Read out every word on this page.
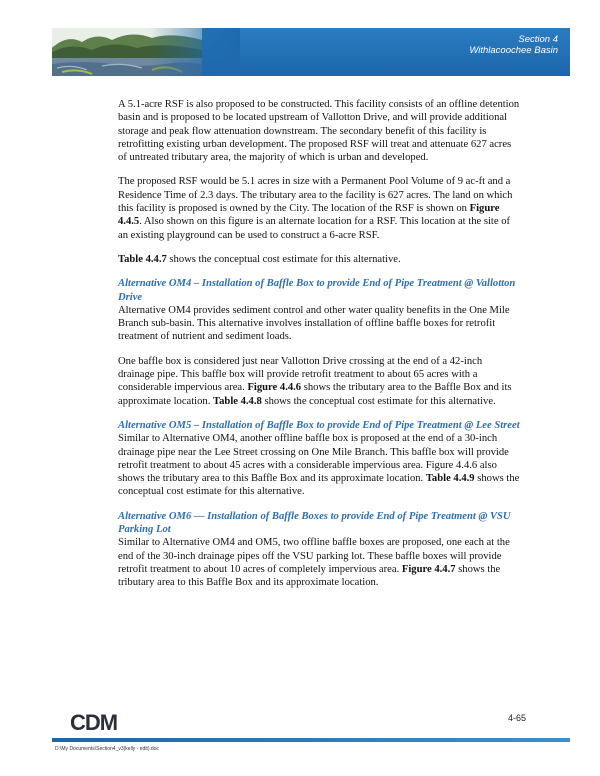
Section 4
Withlacoochee Basin

A 5.1-acre RSF is also proposed to be constructed. This facility consists of an offline detention basin and is proposed to be located upstream of Vallotton Drive, and will provide additional storage and peak flow attenuation downstream. The secondary benefit of this facility is retrofitting existing urban development. The proposed RSF will treat and attenuate 627 acres of untreated tributary area, the majority of which is urban and developed.

The proposed RSF would be 5.1 acres in size with a Permanent Pool Volume of 9 ac-ft and a Residence Time of 2.3 days. The tributary area to the facility is 627 acres. The land on which this facility is proposed is owned by the City. The location of the RSF is shown on Figure 4.4.5. Also shown on this figure is an alternate location for a RSF. This location at the site of an existing playground can be used to construct a 6-acre RSF.

Table 4.4.7 shows the conceptual cost estimate for this alternative.

Alternative OM4 – Installation of Baffle Box to provide End of Pipe Treatment @ Vallotton Drive

Alternative OM4 provides sediment control and other water quality benefits in the One Mile Branch sub-basin. This alternative involves installation of offline baffle boxes for retrofit treatment of nutrient and sediment loads.

One baffle box is considered just near Vallotton Drive crossing at the end of a 42-inch drainage pipe. This baffle box will provide retrofit treatment to about 65 acres with a considerable impervious area. Figure 4.4.6 shows the tributary area to the Baffle Box and its approximate location. Table 4.4.8 shows the conceptual cost estimate for this alternative.

Alternative OM5 – Installation of Baffle Box to provide End of Pipe Treatment @ Lee Street

Similar to Alternative OM4, another offline baffle box is proposed at the end of a 30-inch drainage pipe near the Lee Street crossing on One Mile Branch. This baffle box will provide retrofit treatment to about 45 acres with a considerable impervious area. Figure 4.4.6 also shows the tributary area to this Baffle Box and its approximate location. Table 4.4.9 shows the conceptual cost estimate for this alternative.

Alternative OM6 –– Installation of Baffle Boxes to provide End of Pipe Treatment @ VSU Parking Lot

Similar to Alternative OM4 and OM5, two offline baffle boxes are proposed, one each at the end of the 30-inch drainage pipes off the VSU parking lot. These baffle boxes will provide retrofit treatment to about 10 acres of completely impervious area. Figure 4.4.7 shows the tributary area to this Baffle Box and its approximate location.

CDM	4-65
D:\My Documents\Section4_v3(kelly - edit).doc
